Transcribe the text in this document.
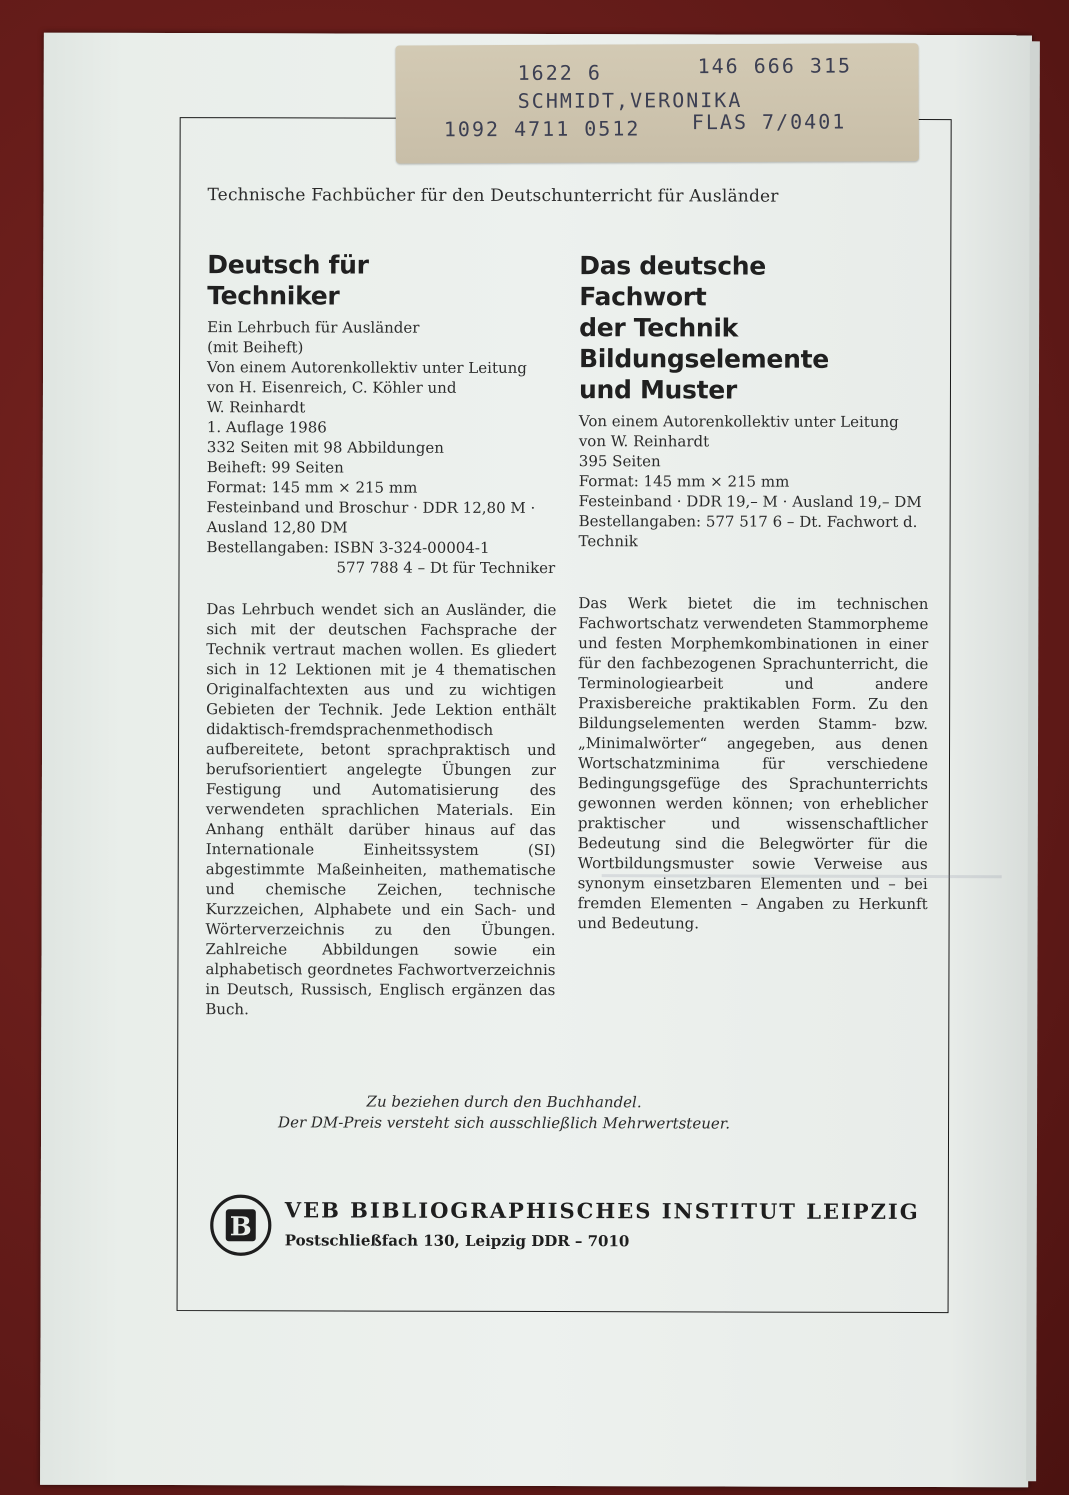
1622 6	146 666 315
SCHMIDT,VERONIKA
1092 4711 0512	FLAS 7/0401
Technische Fachbücher für den Deutschunterricht für Ausländer
Deutsch für
Techniker
Ein Lehrbuch für Ausländer
(mit Beiheft)
Von einem Autorenkollektiv unter Leitung
von H. Eisenreich, C. Köhler und
W. Reinhardt
1. Auflage 1986
332 Seiten mit 98 Abbildungen
Beiheft: 99 Seiten
Format: 145 mm × 215 mm
Festeinband und Broschur · DDR 12,80 M ·
Ausland 12,80 DM
Bestellangaben: ISBN 3-324-00004-1
577 788 4 – Dt für Techniker

Das Lehrbuch wendet sich an Ausländer, die sich mit der deutschen Fachsprache der Technik vertraut machen wollen. Es gliedert sich in 12 Lektionen mit je 4 thematischen Originalfachtexten aus und zu wichtigen Gebieten der Technik. Jede Lektion enthält didaktisch-fremdsprachenmethodisch aufbereitete, betont sprachpraktisch und berufsorientiert angelegte Übungen zur Festigung und Automatisierung des verwendeten sprachlichen Materials. Ein Anhang enthält darüber hinaus auf das Internationale Einheitssystem (SI) abgestimmte Maßeinheiten, mathematische und chemische Zeichen, technische Kurzzeichen, Alphabete und ein Sach- und Wörterverzeichnis zu den Übungen. Zahlreiche Abbildungen sowie ein alphabetisch geordnetes Fachwortverzeichnis in Deutsch, Russisch, Englisch ergänzen das Buch.

Das deutsche
Fachwort
der Technik
Bildungselemente
und Muster
Von einem Autorenkollektiv unter Leitung
von W. Reinhardt
395 Seiten
Format: 145 mm × 215 mm
Festeinband · DDR 19,– M · Ausland 19,– DM
Bestellangaben: 577 517 6 – Dt. Fachwort d.
Technik

Das Werk bietet die im technischen Fachwortschatz verwendeten Stammorpheme und festen Morphemkombinationen in einer für den fachbezogenen Sprachunterricht, die Terminologiearbeit und andere Praxisbereiche praktikablen Form. Zu den Bildungselementen werden Stamm- bzw. „Minimalwörter“ angegeben, aus denen Wortschatzminima für verschiedene Bedingungsgefüge des Sprachunterrichts gewonnen werden können; von erheblicher praktischer und wissenschaftlicher Bedeutung sind die Belegwörter für die Wortbildungsmuster sowie Verweise aus synonym einsetzbaren Elementen und – bei fremden Elementen – Angaben zu Herkunft und Bedeutung.

Zu beziehen durch den Buchhandel.
Der DM-Preis versteht sich ausschließlich Mehrwertsteuer.
B
VEB BIBLIOGRAPHISCHES INSTITUT LEIPZIG
Postschließfach 130, Leipzig DDR – 7010
